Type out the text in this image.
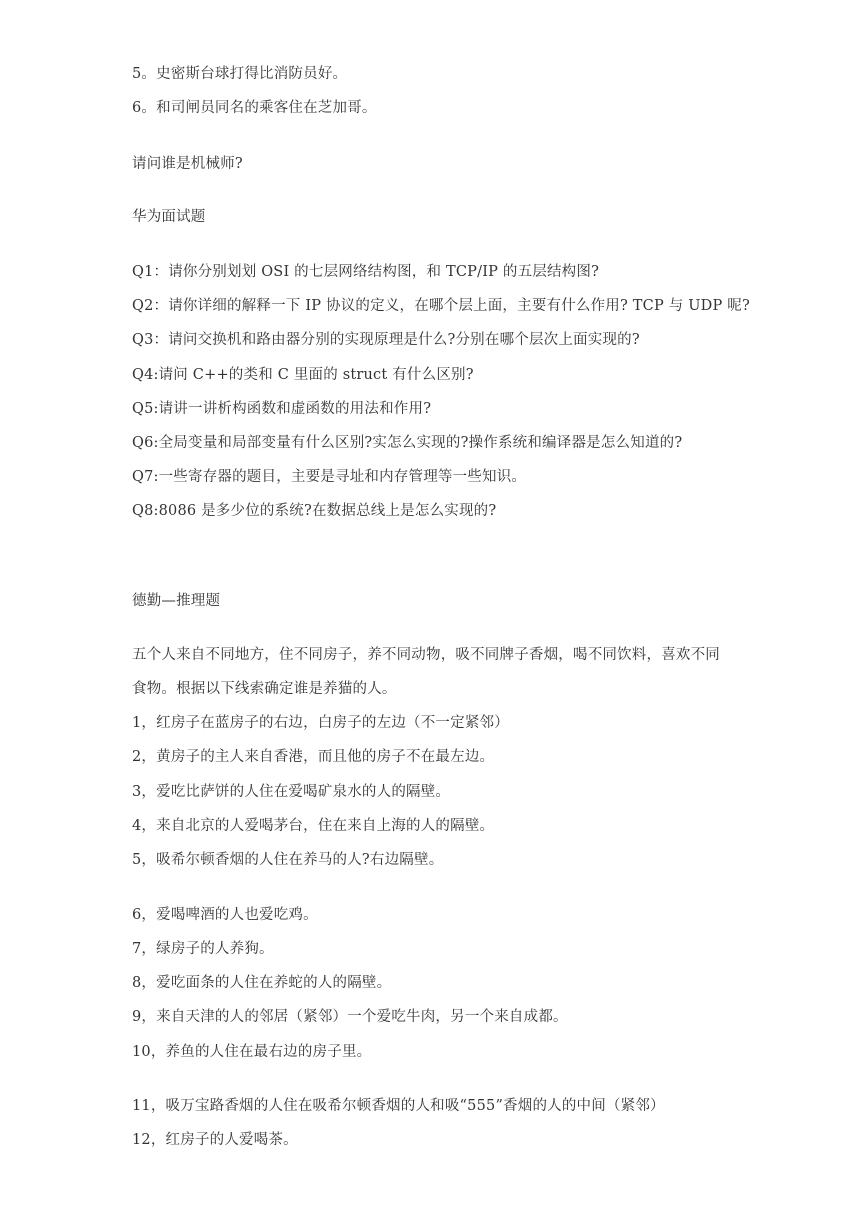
5。史密斯台球打得比消防员好。
6。和司闸员同名的乘客住在芝加哥。
请问谁是机械师?
华为面试题
Q1：请你分别划划 OSI 的七层网络结构图，和 TCP/IP 的五层结构图?
Q2：请你详细的解释一下 IP 协议的定义，在哪个层上面，主要有什么作用? TCP 与 UDP 呢?
Q3：请问交换机和路由器分别的实现原理是什么?分别在哪个层次上面实现的?
Q4:请问 C++的类和 C 里面的 struct 有什么区别?
Q5:请讲一讲析构函数和虚函数的用法和作用?
Q6:全局变量和局部变量有什么区别?实怎么实现的?操作系统和编译器是怎么知道的?
Q7:一些寄存器的题目，主要是寻址和内存管理等一些知识。
Q8:8086 是多少位的系统?在数据总线上是怎么实现的?
德勤—推理题
五个人来自不同地方，住不同房子，养不同动物，吸不同牌子香烟，喝不同饮料，喜欢不同
食物。根据以下线索确定谁是养猫的人。
1，红房子在蓝房子的右边，白房子的左边（不一定紧邻）
2，黄房子的主人来自香港，而且他的房子不在最左边。
3，爱吃比萨饼的人住在爱喝矿泉水的人的隔壁。
4，来自北京的人爱喝茅台，住在来自上海的人的隔壁。
5，吸希尔顿香烟的人住在养马的人?右边隔壁。
6，爱喝啤酒的人也爱吃鸡。
7，绿房子的人养狗。
8，爱吃面条的人住在养蛇的人的隔壁。
9，来自天津的人的邻居（紧邻）一个爱吃牛肉，另一个来自成都。
10，养鱼的人住在最右边的房子里。
11，吸万宝路香烟的人住在吸希尔顿香烟的人和吸“555”香烟的人的中间（紧邻）
12，红房子的人爱喝茶。
